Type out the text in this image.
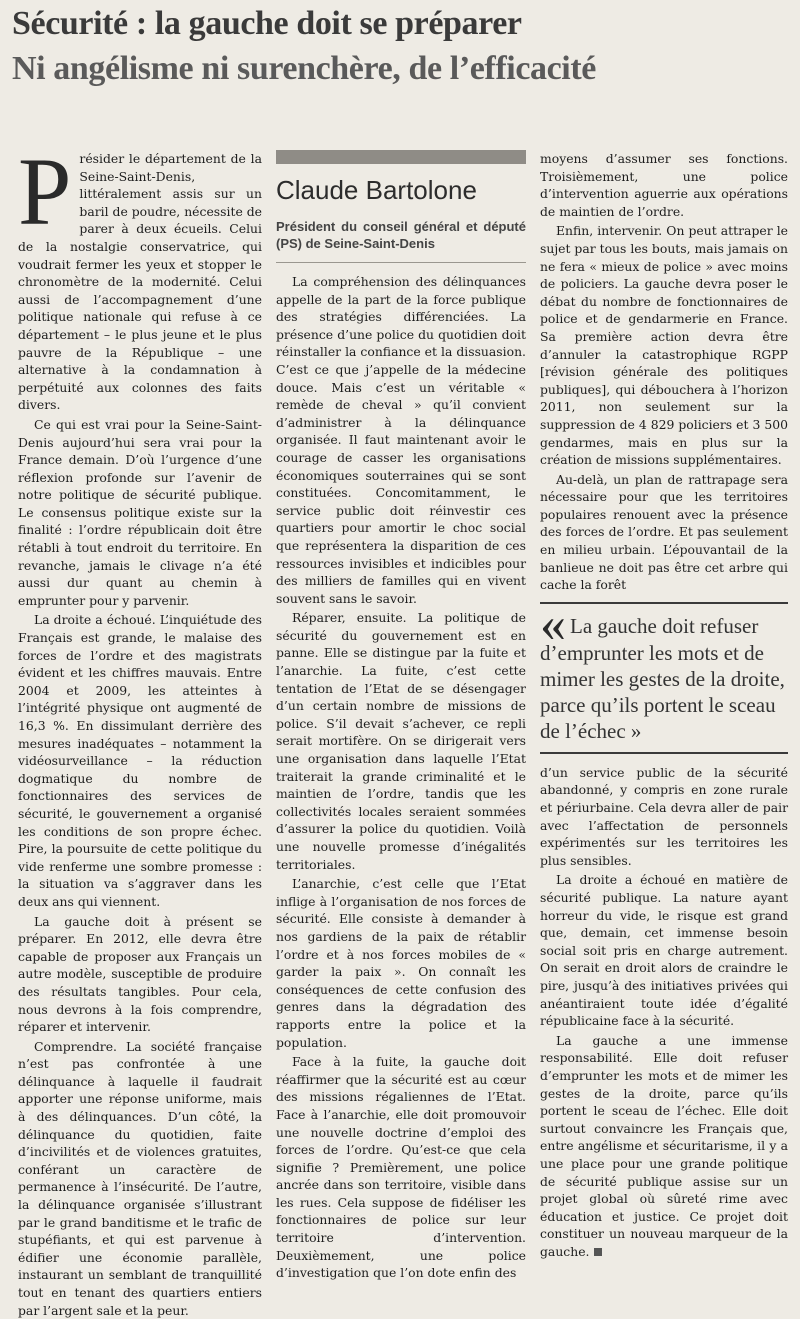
Sécurité : la gauche doit se préparer
Ni angélisme ni surenchère, de l’efficacité

Présider le département de la Seine-Saint-Denis, littéralement assis sur un baril de poudre, nécessite de parer à deux écueils. Celui de la nostalgie conservatrice, qui voudrait fermer les yeux et stopper le chronomètre de la modernité. Celui aussi de l’accompagnement d’une politique nationale qui refuse à ce département – le plus jeune et le plus pauvre de la République – une alternative à la condamnation à perpétuité aux colonnes des faits divers.

Ce qui est vrai pour la Seine-Saint-Denis aujourd’hui sera vrai pour la France demain. D’où l’urgence d’une réflexion profonde sur l’avenir de notre politique de sécurité publique. Le consensus politique existe sur la finalité : l’ordre républicain doit être rétabli à tout endroit du territoire. En revanche, jamais le clivage n’a été aussi dur quant au chemin à emprunter pour y parvenir.

La droite a échoué. L’inquiétude des Français est grande, le malaise des forces de l’ordre et des magistrats évident et les chiffres mauvais. Entre 2004 et 2009, les atteintes à l’intégrité physique ont augmenté de 16,3 %. En dissimulant derrière des mesures inadéquates – notamment la vidéosurveillance – la réduction dogmatique du nombre de fonctionnaires des services de sécurité, le gouvernement a organisé les conditions de son propre échec. Pire, la poursuite de cette politique du vide renferme une sombre promesse : la situation va s’aggraver dans les deux ans qui viennent.

La gauche doit à présent se préparer. En 2012, elle devra être capable de proposer aux Français un autre modèle, susceptible de produire des résultats tangibles. Pour cela, nous devrons à la fois comprendre, réparer et intervenir.

Comprendre. La société française n’est pas confrontée à une délinquance à laquelle il faudrait apporter une réponse uniforme, mais à des délinquances. D’un côté, la délinquance du quotidien, faite d’incivilités et de violences gratuites, conférant un caractère de permanence à l’insécurité. De l’autre, la délinquance organisée s’illustrant par le grand banditisme et le trafic de stupéfiants, et qui est parvenue à édifier une économie parallèle, instaurant un semblant de tranquillité tout en tenant des quartiers entiers par l’argent sale et la peur.

Claude Bartolone
Président du conseil général et député (PS) de Seine-Saint-Denis

La compréhension des délinquances appelle de la part de la force publique des stratégies différenciées. La présence d’une police du quotidien doit réinstaller la confiance et la dissuasion. C’est ce que j’appelle de la médecine douce. Mais c’est un véritable « remède de cheval » qu’il convient d’administrer à la délinquance organisée. Il faut maintenant avoir le courage de casser les organisations économiques souterraines qui se sont constituées. Concomitamment, le service public doit réinvestir ces quartiers pour amortir le choc social que représentera la disparition de ces ressources invisibles et indicibles pour des milliers de familles qui en vivent souvent sans le savoir.

Réparer, ensuite. La politique de sécurité du gouvernement est en panne. Elle se distingue par la fuite et l’anarchie. La fuite, c’est cette tentation de l’Etat de se désengager d’un certain nombre de missions de police. S’il devait s’achever, ce repli serait mortifère. On se dirigerait vers une organisation dans laquelle l’Etat traiterait la grande criminalité et le maintien de l’ordre, tandis que les collectivités locales seraient sommées d’assurer la police du quotidien. Voilà une nouvelle promesse d’inégalités territoriales.

L’anarchie, c’est celle que l’Etat inflige à l’organisation de nos forces de sécurité. Elle consiste à demander à nos gardiens de la paix de rétablir l’ordre et à nos forces mobiles de « garder la paix ». On connaît les conséquences de cette confusion des genres dans la dégradation des rapports entre la police et la population.

Face à la fuite, la gauche doit réaffirmer que la sécurité est au cœur des missions régaliennes de l’Etat. Face à l’anarchie, elle doit promouvoir une nouvelle doctrine d’emploi des forces de l’ordre. Qu’est-ce que cela signifie ? Premièrement, une police ancrée dans son territoire, visible dans les rues. Cela suppose de fidéliser les fonctionnaires de police sur leur territoire d’intervention. Deuxièmement, une police d’investigation que l’on dote enfin des

moyens d’assumer ses fonctions. Troisièmement, une police d’intervention aguerrie aux opérations de maintien de l’ordre.

Enfin, intervenir. On peut attraper le sujet par tous les bouts, mais jamais on ne fera « mieux de police » avec moins de policiers. La gauche devra poser le débat du nombre de fonctionnaires de police et de gendarmerie en France. Sa première action devra être d’annuler la catastrophique RGPP [révision générale des politiques publiques], qui débouchera à l’horizon 2011, non seulement sur la suppression de 4 829 policiers et 3 500 gendarmes, mais en plus sur la création de missions supplémentaires.

Au-delà, un plan de rattrapage sera nécessaire pour que les territoires populaires renouent avec la présence des forces de l’ordre. Et pas seulement en milieu urbain. L’épouvantail de la banlieue ne doit pas être cet arbre qui cache la forêt

« La gauche doit refuser d’emprunter les mots et de mimer les gestes de la droite, parce qu’ils portent le sceau de l’échec »

d’un service public de la sécurité abandonné, y compris en zone rurale et périurbaine. Cela devra aller de pair avec l’affectation de personnels expérimentés sur les territoires les plus sensibles.

La droite a échoué en matière de sécurité publique. La nature ayant horreur du vide, le risque est grand que, demain, cet immense besoin social soit pris en charge autrement. On serait en droit alors de craindre le pire, jusqu’à des initiatives privées qui anéantiraient toute idée d’égalité républicaine face à la sécurité.

La gauche a une immense responsabilité. Elle doit refuser d’emprunter les mots et de mimer les gestes de la droite, parce qu’ils portent le sceau de l’échec. Elle doit surtout convaincre les Français que, entre angélisme et sécuritarisme, il y a une place pour une grande politique de sécurité publique assise sur un projet global où sûreté rime avec éducation et justice. Ce projet doit constituer un nouveau marqueur de la gauche.
